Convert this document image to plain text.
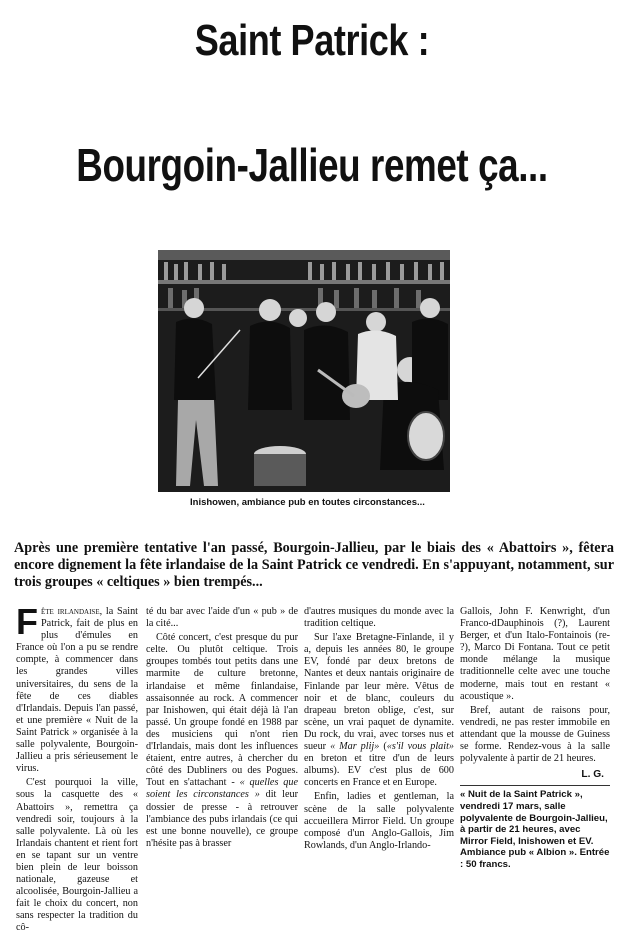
Saint Patrick :
Bourgoin-Jallieu remet ça...
Inishowen, ambiance pub en toutes circonstances...
Après une première tentative l'an passé, Bourgoin-Jallieu, par le biais des « Abattoirs », fêtera encore dignement la fête irlandaise de la Saint Patrick ce vendredi. En s'appuyant, notamment, sur trois groupes « celtiques » bien trempés...

Fête irlandaise, la Saint Patrick, fait de plus en plus d'émules en France où l'on a pu se rendre compte, à commencer dans les grandes villes universitaires, du sens de la fête de ces diables d'Irlandais. Depuis l'an passé, et une première « Nuit de la Saint Patrick » organisée à la salle polyvalente, Bourgoin-Jallieu a pris sérieusement le virus.

C'est pourquoi la ville, sous la casquette des « Abattoirs », remettra ça vendredi soir, toujours à la salle polyvalente. Là où les Irlandais chantent et rient fort en se tapant sur un ventre bien plein de leur boisson nationale, gazeuse et alcoolisée, Bourgoin-Jallieu a fait le choix du concert, non sans respecter la tradition du cô-

té du bar avec l'aide d'un « pub » de la cité...

Côté concert, c'est presque du pur celte. Ou plutôt celtique. Trois groupes tombés tout petits dans une marmite de culture bretonne, irlandaise et même finlandaise, assaisonnée au rock. A commencer par Inishowen, qui était déjà là l'an passé. Un groupe fondé en 1988 par des musiciens qui n'ont rien d'Irlandais, mais dont les influences étaient, entre autres, à chercher du côté des Dubliners ou des Pogues. Tout en s'attachant - « quelles que soient les circonstances » dit leur dossier de presse - à retrouver l'ambiance des pubs irlandais (ce qui est une bonne nouvelle), ce groupe n'hésite pas à brasser

d'autres musiques du monde avec la tradition celtique.

Sur l'axe Bretagne-Finlande, il y a, depuis les années 80, le groupe EV, fondé par deux bretons de Nantes et deux nantais originaire de Finlande par leur mère. Vêtus de noir et de blanc, couleurs du drapeau breton oblige, c'est, sur scène, un vrai paquet de dynamite. Du rock, du vrai, avec torses nus et sueur « Mar plij» («s'il vous plait» en breton et titre d'un de leurs albums). EV c'est plus de 600 concerts en France et en Europe.

Enfin, ladies et gentleman, la scène de la salle polyvalente accueillera Mirror Field. Un groupe composé d'un Anglo-Gallois, Jim Rowlands, d'un Anglo-Irlando-

Gallois, John F. Kenwright, d'un Franco-dDauphinois (?), Laurent Berger, et d'un Italo-Fontainois (re- ?), Marco Di Fontana. Tout ce petit monde mélange la musique traditionnelle celte avec une touche moderne, mais tout en restant « acoustique ».

Bref, autant de raisons pour, vendredi, ne pas rester immobile en attendant que la mousse de Guiness se forme. Rendez-vous à la salle polyvalente à partir de 21 heures.

L. G.
« Nuit de la Saint Patrick », vendredi 17 mars, salle polyvalente de Bourgoin-Jallieu, à partir de 21 heures, avec Mirror Field, Inishowen et EV. Ambiance pub « Albion ». Entrée : 50 francs.
